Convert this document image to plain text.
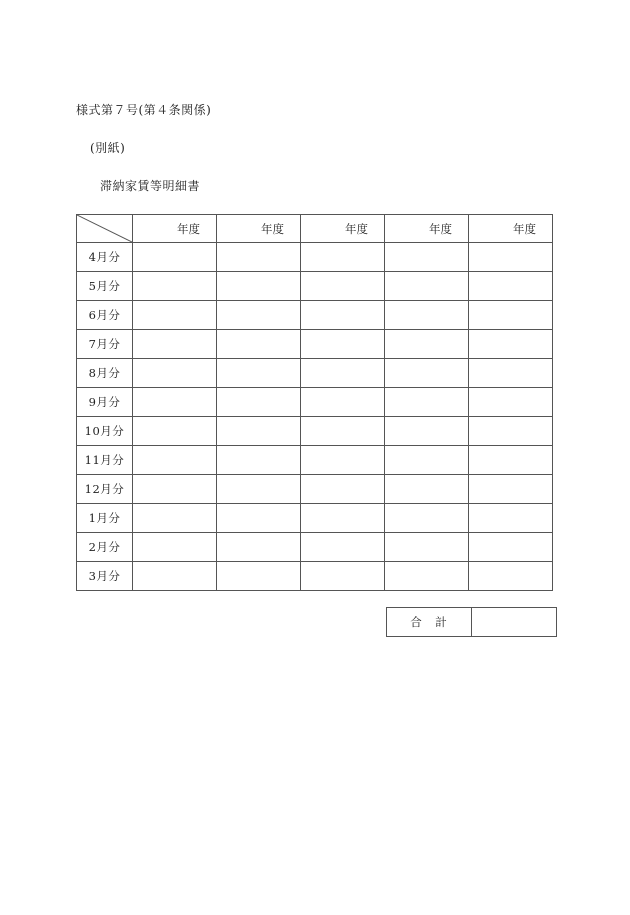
様式第７号(第４条関係)
(別紙)
滞納家賃等明細書
	年度	年度	年度	年度	年度
4月分					
5月分					
6月分					
7月分					
8月分					
9月分					
10月分					
11月分					
12月分					
1月分					
2月分					
3月分					
合　計	
